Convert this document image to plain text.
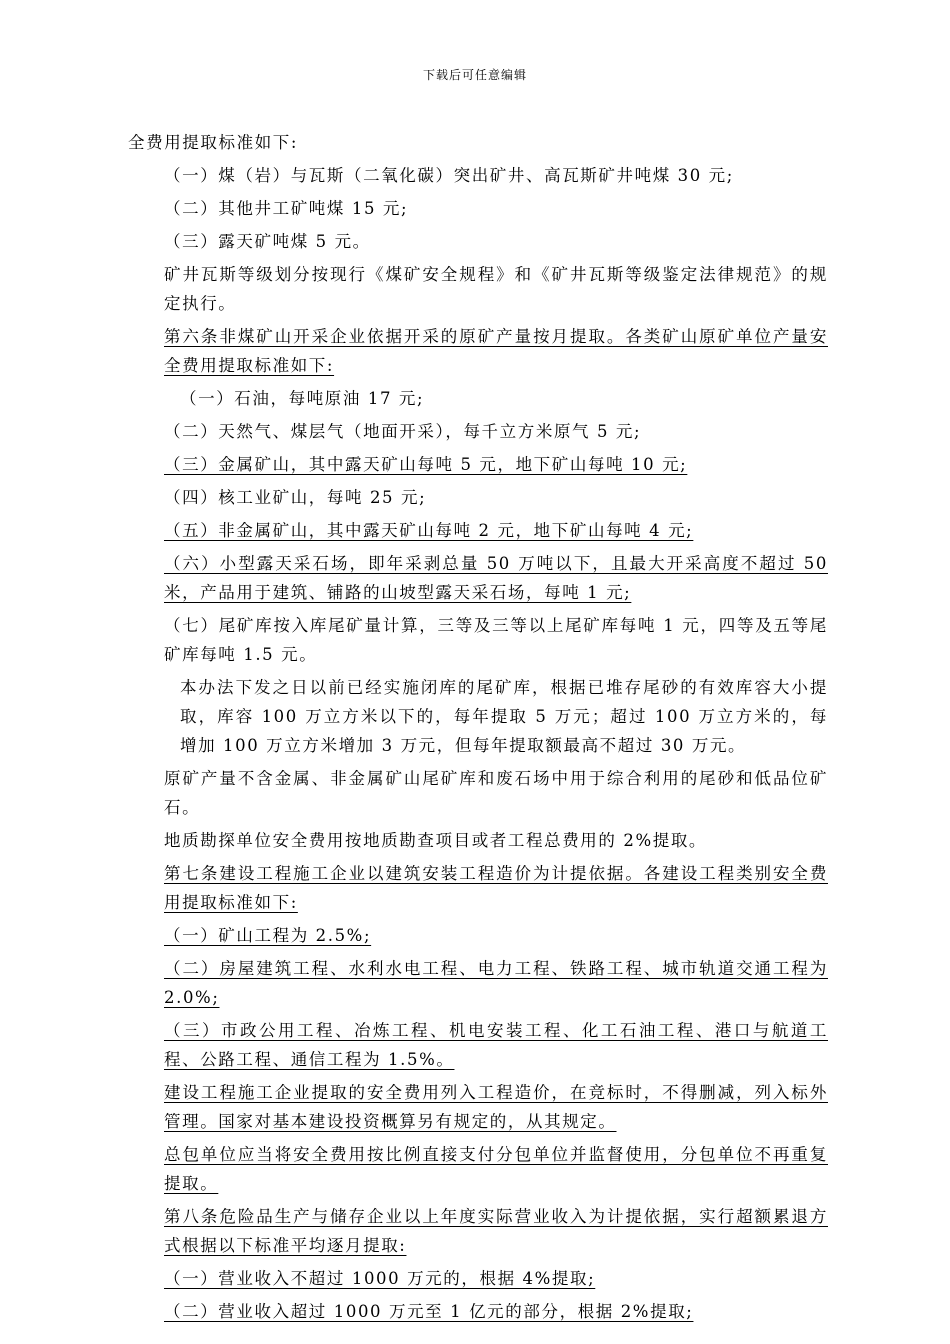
下载后可任意编辑

全费用提取标准如下:

（一）煤（岩）与瓦斯（二氧化碳）突出矿井、高瓦斯矿井吨煤 30 元;

（二）其他井工矿吨煤 15 元;

（三）露天矿吨煤 5 元。

矿井瓦斯等级划分按现行《煤矿安全规程》和《矿井瓦斯等级鉴定法律规范》的规定执行。

第六条非煤矿山开采企业依据开采的原矿产量按月提取。各类矿山原矿单位产量安全费用提取标准如下:

（一）石油，每吨原油 17 元;

（二）天然气、煤层气（地面开采），每千立方米原气 5 元;

（三）金属矿山，其中露天矿山每吨 5 元，地下矿山每吨 10 元;

（四）核工业矿山，每吨 25 元;

（五）非金属矿山，其中露天矿山每吨 2 元，地下矿山每吨 4 元;

（六）小型露天采石场，即年采剥总量 50 万吨以下，且最大开采高度不超过 50 米，产品用于建筑、铺路的山坡型露天采石场，每吨 1 元;

（七）尾矿库按入库尾矿量计算，三等及三等以上尾矿库每吨 1 元，四等及五等尾矿库每吨 1.5 元。

本办法下发之日以前已经实施闭库的尾矿库，根据已堆存尾砂的有效库容大小提取，库容 100 万立方米以下的，每年提取 5 万元；超过 100 万立方米的，每增加 100 万立方米增加 3 万元，但每年提取额最高不超过 30 万元。

原矿产量不含金属、非金属矿山尾矿库和废石场中用于综合利用的尾砂和低品位矿石。

地质勘探单位安全费用按地质勘查项目或者工程总费用的 2%提取。

第七条建设工程施工企业以建筑安装工程造价为计提依据。各建设工程类别安全费用提取标准如下:

（一）矿山工程为 2.5%;

（二）房屋建筑工程、水利水电工程、电力工程、铁路工程、城市轨道交通工程为 2.0%;

（三）市政公用工程、冶炼工程、机电安装工程、化工石油工程、港口与航道工程、公路工程、通信工程为 1.5%。

建设工程施工企业提取的安全费用列入工程造价，在竞标时，不得删减，列入标外管理。国家对基本建设投资概算另有规定的，从其规定。

总包单位应当将安全费用按比例直接支付分包单位并监督使用，分包单位不再重复提取。

第八条危险品生产与储存企业以上年度实际营业收入为计提依据，实行超额累退方式根据以下标准平均逐月提取:

（一）营业收入不超过 1000 万元的，根据 4%提取;

（二）营业收入超过 1000 万元至 1 亿元的部分，根据 2%提取;
